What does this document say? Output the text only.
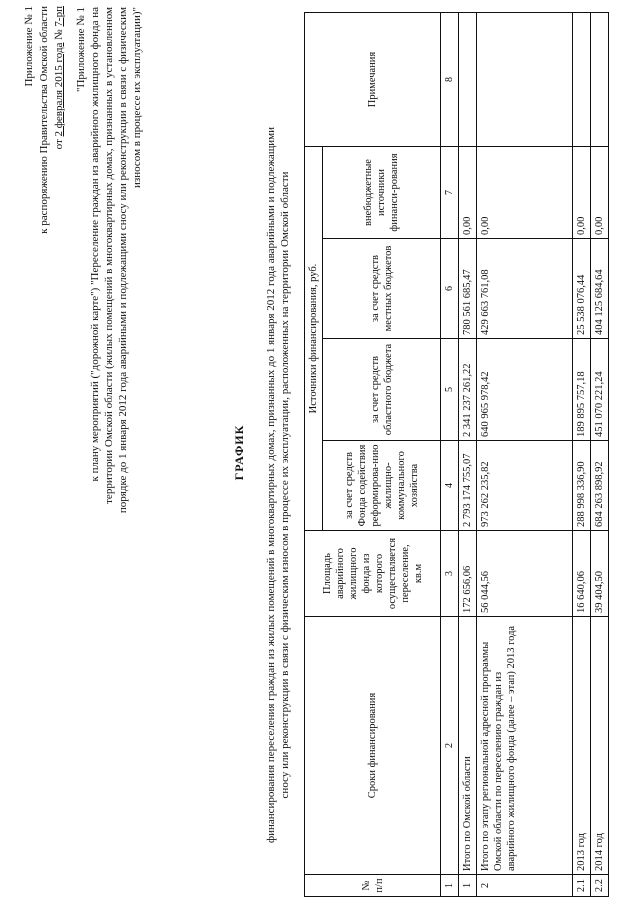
Приложение № 1 к распоряжению Правительства Омской области от 2 февраля 2015 года № 7-рп "Приложение № 1 к плану мероприятий ("дорожной карте") "Переселение граждан из аварийного жилищного фонда на территории Омской области (жилых помещений в многоквартирных домах, признанных в установленном порядке до 1 января 2012 года аварийными и подлежащими сносу или реконструкции в связи с физическим износом в процессе их эксплуатации)"
ГРАФИК финансирования переселения граждан из жилых помещений в многоквартирных домах, признанных до 1 января 2012 года аварийными и подлежащими сносу или реконструкции в связи с физическим износом в процессе их эксплуатации, расположенных на территории Омской области
№ п/п	Сроки финансирования	Площадь аварийного жилищного фонда из которого осуществляется переселение, кв.м	Источники финансирования, руб.				Примечания
			за счет средств Фонда содействия реформирова-нию жилищно-коммунального хозяйства	за счет средств областного бюджета	за счет средств местных бюджетов	внебюджетные источники финанси-рования	
1	2	3	4	5	6	7	8
1	Итого по Омской области	172 656,06	2 793 174 755,07	2 341 237 261,22	780 561 685,47	0,00	
2	Итого по этапу региональной адресной программы Омской области по переселению граждан из аварийного жилищного фонда (далее – этап) 2013 года	56 044,56	973 262 235,82	640 965 978,42	429 663 761,08	0,00	
2.1	2013 год	16 640,06	288 998 336,90	189 895 757,18	25 538 076,44	0,00	
2.2	2014 год	39 404,50	684 263 898,92	451 070 221,24	404 125 684,64	0,00	
